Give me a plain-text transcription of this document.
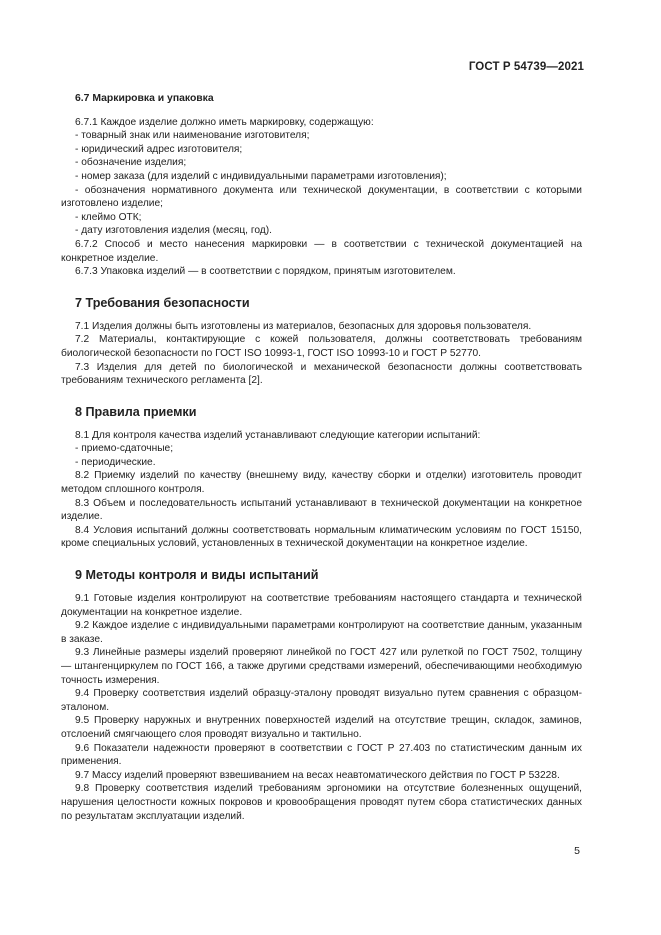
ГОСТ Р 54739—2021
6.7 Маркировка и упаковка

6.7.1 Каждое изделие должно иметь маркировку, содержащую:

- товарный знак или наименование изготовителя;

- юридический адрес изготовителя;

- обозначение изделия;

- номер заказа (для изделий с индивидуальными параметрами изготовления);

- обозначения нормативного документа или технической документации, в соответствии с которыми изготовлено изделие;

- клеймо ОТК;

- дату изготовления изделия (месяц, год).

6.7.2 Способ и место нанесения маркировки — в соответствии с технической документацией на конкретное изделие.

6.7.3 Упаковка изделий — в соответствии с порядком, принятым изготовителем.

7 Требования безопасности

7.1 Изделия должны быть изготовлены из материалов, безопасных для здоровья пользователя.

7.2 Материалы, контактирующие с кожей пользователя, должны соответствовать требованиям биологической безопасности по ГОСТ ISO 10993-1, ГОСТ ISO 10993-10 и ГОСТ Р 52770.

7.3 Изделия для детей по биологической и механической безопасности должны соответствовать требованиям технического регламента [2].

8 Правила приемки

8.1 Для контроля качества изделий устанавливают следующие категории испытаний:

- приемо-сдаточные;

- периодические.

8.2 Приемку изделий по качеству (внешнему виду, качеству сборки и отделки) изготовитель проводит методом сплошного контроля.

8.3 Объем и последовательность испытаний устанавливают в технической документации на конкретное изделие.

8.4 Условия испытаний должны соответствовать нормальным климатическим условиям по ГОСТ 15150, кроме специальных условий, установленных в технической документации на конкретное изделие.

9 Методы контроля и виды испытаний

9.1 Готовые изделия контролируют на соответствие требованиям настоящего стандарта и технической документации на конкретное изделие.

9.2 Каждое изделие с индивидуальными параметрами контролируют на соответствие данным, указанным в заказе.

9.3 Линейные размеры изделий проверяют линейкой по ГОСТ 427 или рулеткой по ГОСТ 7502, толщину — штангенциркулем по ГОСТ 166, а также другими средствами измерений, обеспечивающими необходимую точность измерения.

9.4 Проверку соответствия изделий образцу-эталону проводят визуально путем сравнения с образцом-эталоном.

9.5 Проверку наружных и внутренних поверхностей изделий на отсутствие трещин, складок, заминов, отслоений смягчающего слоя проводят визуально и тактильно.

9.6 Показатели надежности проверяют в соответствии с ГОСТ Р 27.403 по статистическим данным их применения.

9.7 Массу изделий проверяют взвешиванием на весах неавтоматического действия по ГОСТ Р 53228.

9.8 Проверку соответствия изделий требованиям эргономики на отсутствие болезненных ощущений, нарушения целостности кожных покровов и кровообращения проводят путем сбора статистических данных по результатам эксплуатации изделий.

5
